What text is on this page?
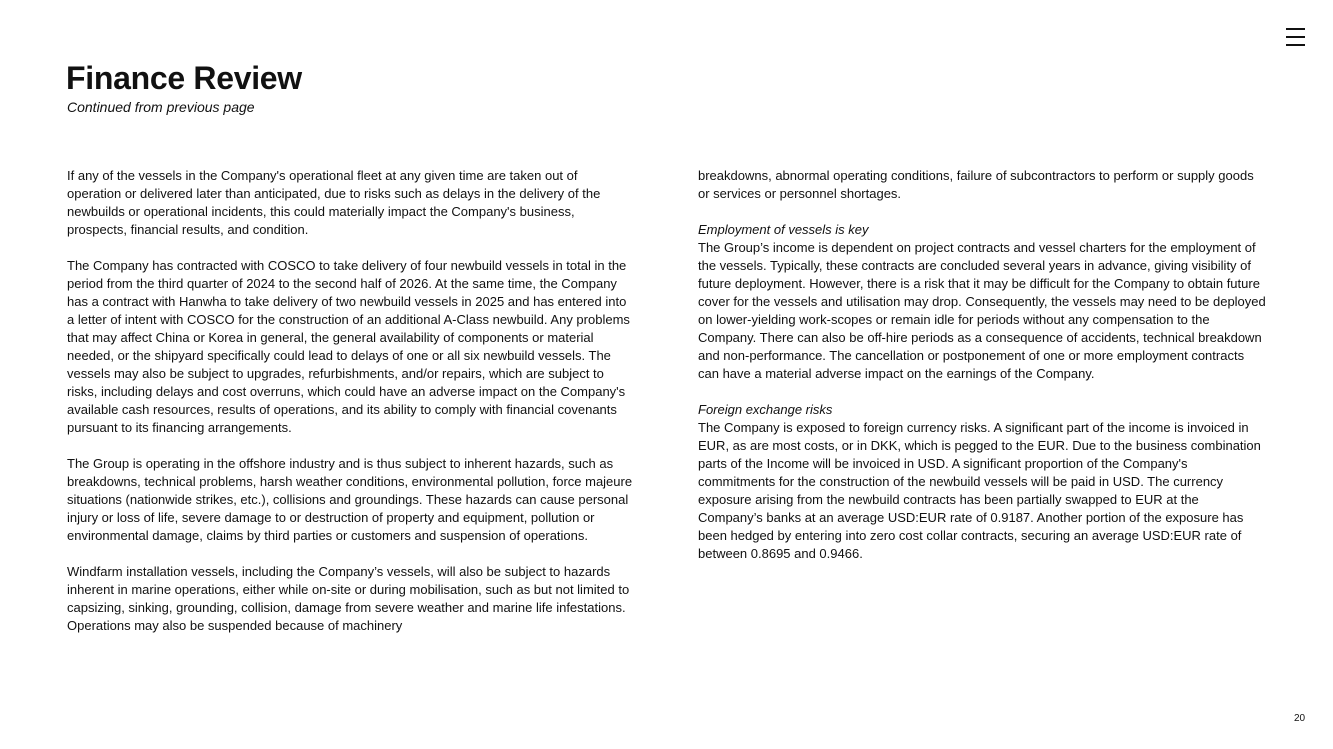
Finance Review

Continued from previous page

If any of the vessels in the Company's operational fleet at any given time are taken out of operation or delivered later than anticipated, due to risks such as delays in the delivery of the newbuilds or operational incidents, this could materially impact the Company's business, prospects, financial results, and condition.

The Company has contracted with COSCO to take delivery of four newbuild vessels in total in the period from the third quarter of 2024 to the second half of 2026. At the same time, the Company has a contract with Hanwha to take delivery of two newbuild vessels in 2025 and has entered into a letter of intent with COSCO for the construction of an additional A-Class newbuild. Any problems that may affect China or Korea in general, the general availability of components or material needed, or the shipyard specifically could lead to delays of one or all six newbuild vessels. The vessels may also be subject to upgrades, refurbishments, and/or repairs, which are subject to risks, including delays and cost overruns, which could have an adverse impact on the Company's available cash resources, results of operations, and its ability to comply with financial covenants pursuant to its financing arrangements.

The Group is operating in the offshore industry and is thus subject to inherent hazards, such as breakdowns, technical problems, harsh weather conditions, environmental pollution, force majeure situations (nationwide strikes, etc.), collisions and groundings. These hazards can cause personal injury or loss of life, severe damage to or destruction of property and equipment, pollution or environmental damage, claims by third parties or customers and suspension of operations.

Windfarm installation vessels, including the Company’s vessels, will also be subject to hazards inherent in marine operations, either while on-site or during mobilisation, such as but not limited to capsizing, sinking, grounding, collision, damage from severe weather and marine life infestations. Operations may also be suspended because of machinery

breakdowns, abnormal operating conditions, failure of subcontractors to perform or supply goods or services or personnel shortages.

Employment of vessels is key
The Group’s income is dependent on project contracts and vessel charters for the employment of the vessels. Typically, these contracts are concluded several years in advance, giving visibility of future deployment. However, there is a risk that it may be difficult for the Company to obtain future cover for the vessels and utilisation may drop. Consequently, the vessels may need to be deployed on lower-yielding work-scopes or remain idle for periods without any compensation to the Company. There can also be off-hire periods as a consequence of accidents, technical breakdown and non-performance. The cancellation or postponement of one or more employment contracts can have a material adverse impact on the earnings of the Company.

Foreign exchange risks
The Company is exposed to foreign currency risks. A significant part of the income is invoiced in EUR, as are most costs, or in DKK, which is pegged to the EUR. Due to the business combination parts of the Income will be invoiced in USD. A significant proportion of the Company's commitments for the construction of the newbuild vessels will be paid in USD. The currency exposure arising from the newbuild contracts has been partially swapped to EUR at the Company’s banks at an average USD:EUR rate of 0.9187. Another portion of the exposure has been hedged by entering into zero cost collar contracts, securing an average USD:EUR rate of between 0.8695 and 0.9466.

20
